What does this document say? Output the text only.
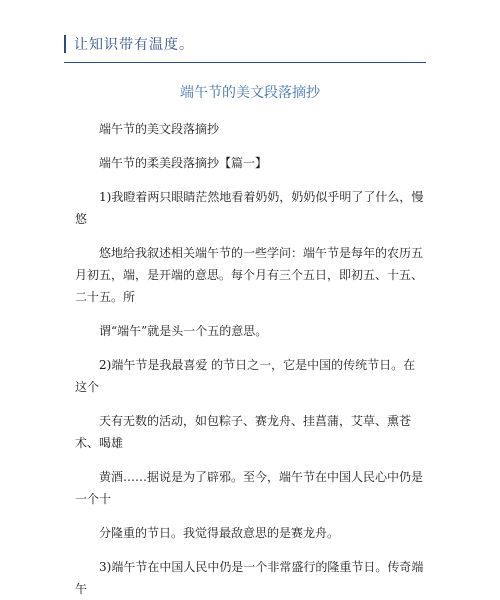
让知识带有温度。
端午节的美文段落摘抄

端午节的美文段落摘抄

端午节的柔美段落摘抄【篇一】

1)我瞪着两只眼睛茫然地看着奶奶，奶奶似乎明了了什么，慢悠

悠地给我叙述相关端午节的一些学问：端午节是每年的农历五月初五，端，是开端的意思。每个月有三个五日，即初五、十五、二十五。所

谓“端午”就是头一个五的意思。

2)端午节是我最喜爱 的节日之一，它是中国的传统节日。在这个

天有无数的活动，如包粽子、赛龙舟、挂菖蒲，艾草、熏苍术、喝雄

黄酒……据说是为了辟邪。至今，端午节在中国人民心中仍是一个十

分隆重的节日。我觉得最敌意思的是赛龙舟。

3)端午节在中国人民中仍是一个非常盛行的隆重节日。传奇端午
